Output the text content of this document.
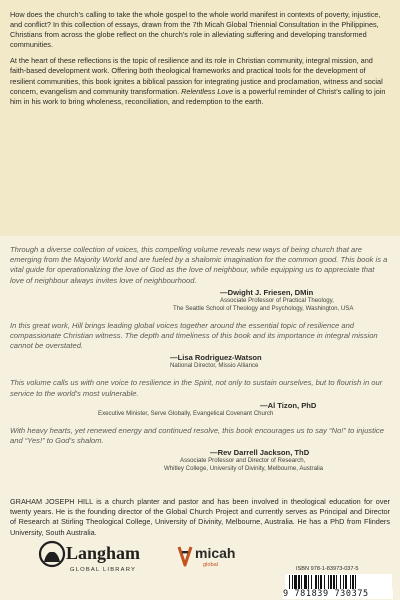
How does the church’s calling to take the whole gospel to the whole world manifest in contexts of poverty, injustice, and conflict? In this collection of essays, drawn from the 7th Micah Global Triennial Consultation in the Philippines, Christians from across the globe reflect on the church’s role in alleviating suffering and developing transformed communities.

At the heart of these reflections is the topic of resilience and its role in Christian community, integral mission, and faith-based development work. Offering both theological frameworks and practical tools for the development of resilient communities, this book ignites a biblical passion for integrating justice and proclamation, witness and social concern, evangelism and community transformation. Relentless Love is a powerful reminder of Christ’s calling to join him in his work to bring wholeness, reconciliation, and redemption to the earth.

Through a diverse collection of voices, this compelling volume reveals new ways of being church that are emerging from the Majority World and are fueled by a shalomic imagination for the common good. This book is a vital guide for operationalizing the love of God as the love of neighbour, while equipping us to appreciate that love of neighbour always invites love of neighbourhood.
—Dwight J. Friesen, DMin
Associate Professor of Practical Theology,
The Seattle School of Theology and Psychology, Washington, USA
In this great work, Hill brings leading global voices together around the essential topic of resilience and compassionate Christian witness. The depth and timeliness of this book and its importance in integral mission cannot be overstated.
—Lisa Rodriguez-Watson
National Director, Missio Alliance
This volume calls us with one voice to resilience in the Spirit, not only to sustain ourselves, but to flourish in our service to the world’s most vulnerable.
—Al Tizon, PhD
Executive Minister, Serve Globally, Evangelical Covenant Church
With heavy hearts, yet renewed energy and continued resolve, this book encourages us to say “No!” to injustice and “Yes!” to God’s shalom.
—Rev Darrell Jackson, ThD
Associate Professor and Director of Research,
Whitley College, University of Divinity, Melbourne, Australia
GRAHAM JOSEPH HILL is a church planter and pastor and has been involved in theological education for over twenty years. He is the founding director of the Global Church Project and currently serves as Principal and Director of Research at Stirling Theological College, University of Divinity, Melbourne, Australia. He has a PhD from Flinders University, South Australia.
Langham
GLOBAL LIBRARY
micah
global
ISBN 978-1-83973-037-5
9 781839 730375
